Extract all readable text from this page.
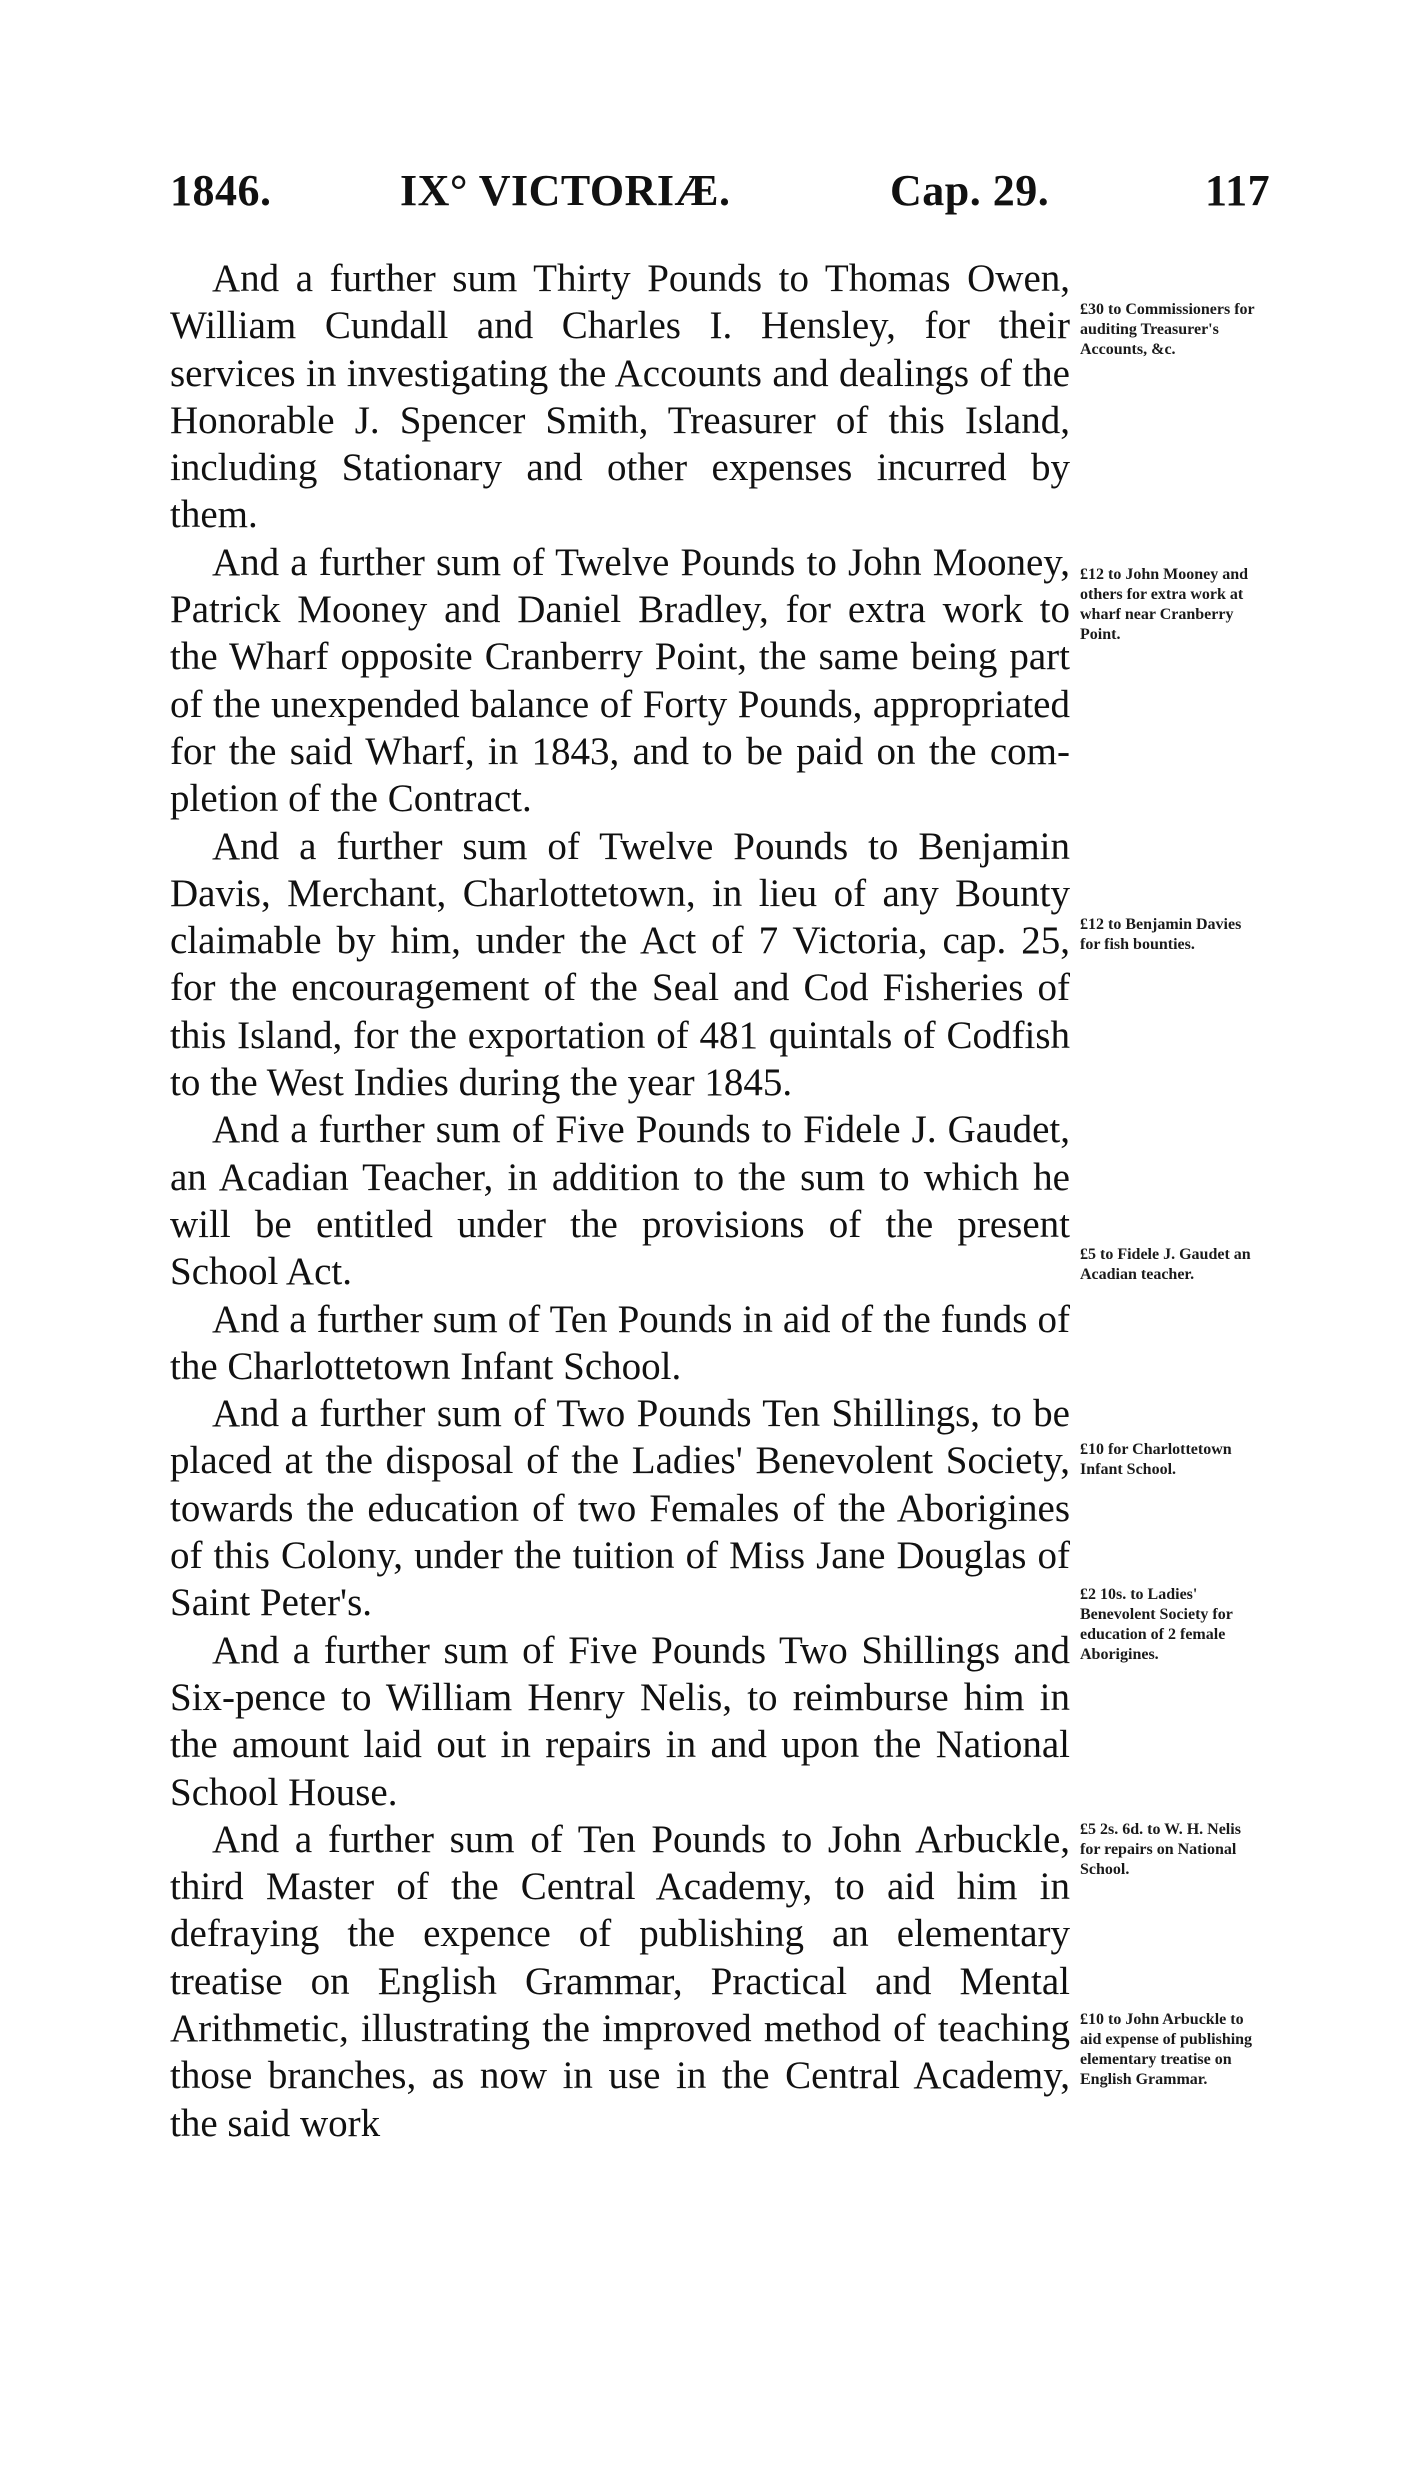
1846.	IX° VICTORIÆ.	Cap. 29.	117

And a further sum Thirty Pounds to Thomas Owen, William Cundall and Charles I. Hensley, for their services in investigating the Accounts and dealings of the Honorable J. Spencer Smith, Treasurer of this Island, including Stationary and other expenses incurred by them.

And a further sum of Twelve Pounds to John Mooney, Patrick Mooney and Daniel Bradley, for extra work to the Wharf opposite Cranberry Point, the same being part of the unexpended balance of Forty Pounds, appropriated for the said Wharf, in 1843, and to be paid on the completion of the Contract.

And a further sum of Twelve Pounds to Benjamin Davis, Merchant, Charlottetown, in lieu of any Bounty claimable by him, under the Act of 7 Victoria, cap. 25, for the encouragement of the Seal and Cod Fisheries of this Island, for the exportation of 481 quintals of Codfish to the West Indies during the year 1845.

And a further sum of Five Pounds to Fidele J. Gaudet, an Acadian Teacher, in addition to the sum to which he will be entitled under the provisions of the present School Act.

And a further sum of Ten Pounds in aid of the funds of the Charlottetown Infant School.

And a further sum of Two Pounds Ten Shillings, to be placed at the disposal of the Ladies' Benevolent Society, towards the education of two Females of the Aborigines of this Colony, under the tuition of Miss Jane Douglas of Saint Peter's.

And a further sum of Five Pounds Two Shillings and Six-pence to William Henry Nelis, to reimburse him in the amount laid out in repairs in and upon the National School House.

And a further sum of Ten Pounds to John Arbuckle, third Master of the Central Academy, to aid him in defraying the expence of publishing an elementary treatise on English Grammar, Practical and Mental Arithmetic, illustrating the improved method of teaching those branches, as now in use in the Central Academy, the said work

£30 to Commissioners for auditing Treasurer's Accounts, &c.
£12 to John Mooney and others for extra work at wharf near Cranberry Point.
£12 to Benjamin Davies for fish bounties.
£5 to Fidele J. Gaudet an Acadian teacher.
£10 for Charlottetown Infant School.
£2 10s. to Ladies' Benevolent Society for education of 2 female Aborigines.
£5 2s. 6d. to W. H. Nelis for repairs on National School.
£10 to John Arbuckle to aid expense of publishing elementary treatise on English Grammar.
